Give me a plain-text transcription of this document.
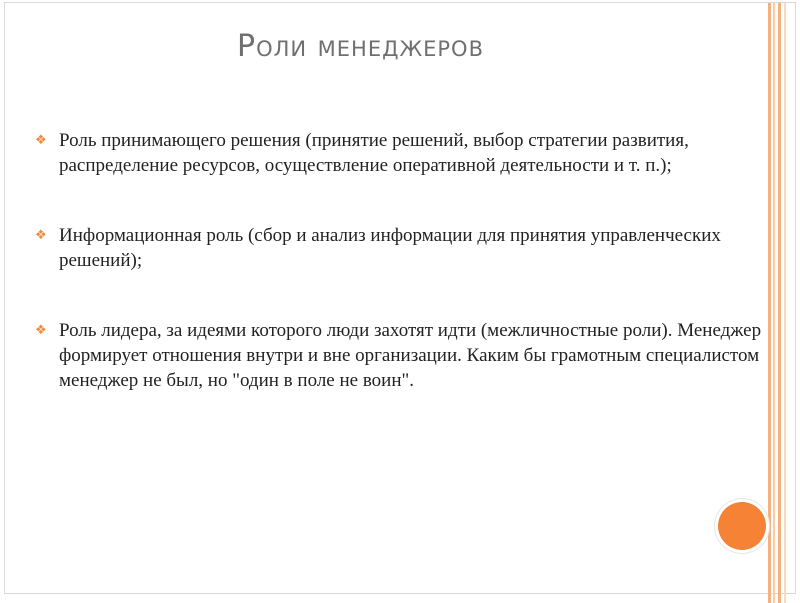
Роли менеджеров
❖ Роль принимающего решения (принятие решений, выбор стратегии развития, распределение ресурсов, осуществление оперативной деятельности и т. п.);
❖ Информационная роль (сбор и анализ информации для принятия управленческих решений);
❖ Роль лидера, за идеями которого люди захотят идти (межличностные роли). Менеджер формирует отношения внутри и вне организации. Каким бы грамотным специалистом менеджер не был, но "один в поле не воин".
